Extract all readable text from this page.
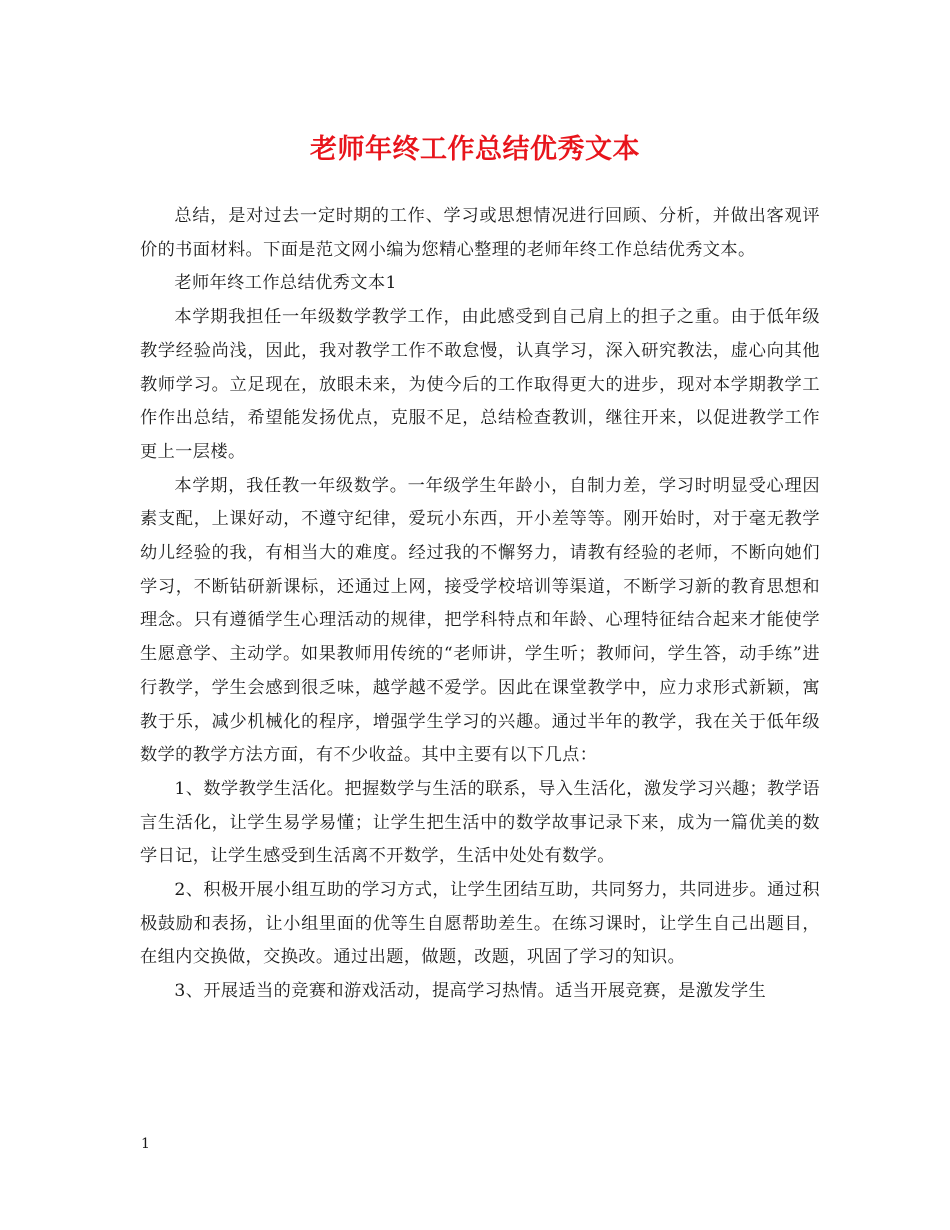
老师年终工作总结优秀文本

总结，是对过去一定时期的工作、学习或思想情况进行回顾、分析，并做出客观评价的书面材料。下面是范文网小编为您精心整理的老师年终工作总结优秀文本。

老师年终工作总结优秀文本1

本学期我担任一年级数学教学工作，由此感受到自己肩上的担子之重。由于低年级教学经验尚浅，因此，我对教学工作不敢怠慢，认真学习，深入研究教法，虚心向其他教师学习。立足现在，放眼未来，为使今后的工作取得更大的进步，现对本学期教学工作作出总结，希望能发扬优点，克服不足，总结检查教训，继往开来，以促进教学工作更上一层楼。

本学期，我任教一年级数学。一年级学生年龄小，自制力差，学习时明显受心理因素支配，上课好动，不遵守纪律，爱玩小东西，开小差等等。刚开始时，对于毫无教学幼儿经验的我，有相当大的难度。经过我的不懈努力，请教有经验的老师，不断向她们学习，不断钻研新课标，还通过上网，接受学校培训等渠道，不断学习新的教育思想和理念。只有遵循学生心理活动的规律，把学科特点和年龄、心理特征结合起来才能使学生愿意学、主动学。如果教师用传统的“老师讲，学生听；教师问，学生答，动手练”进行教学，学生会感到很乏味，越学越不爱学。因此在课堂教学中，应力求形式新颖，寓教于乐，减少机械化的程序，增强学生学习的兴趣。通过半年的教学，我在关于低年级数学的教学方法方面，有不少收益。其中主要有以下几点：

1、数学教学生活化。把握数学与生活的联系，导入生活化，激发学习兴趣；教学语言生活化，让学生易学易懂；让学生把生活中的数学故事记录下来，成为一篇优美的数学日记，让学生感受到生活离不开数学，生活中处处有数学。

2、积极开展小组互助的学习方式，让学生团结互助，共同努力，共同进步。通过积极鼓励和表扬，让小组里面的优等生自愿帮助差生。在练习课时，让学生自己出题目，在组内交换做，交换改。通过出题，做题，改题，巩固了学习的知识。

3、开展适当的竞赛和游戏活动，提高学习热情。适当开展竞赛，是激发学生

1
